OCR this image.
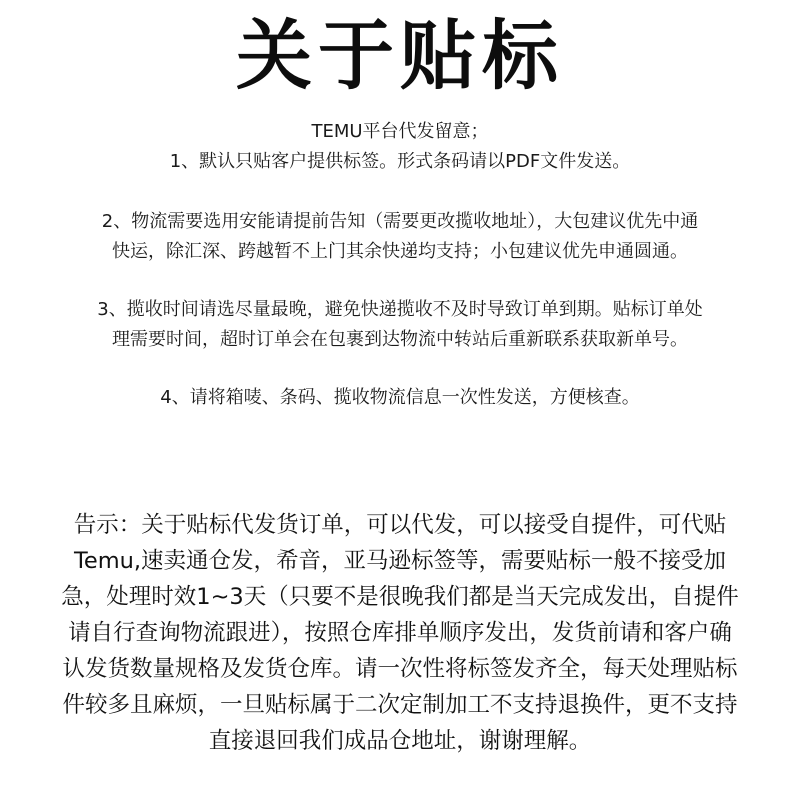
关于贴标
TEMU平台代发留意；
1、默认只贴客户提供标签。形式条码请以PDF文件发送。
2、物流需要选用安能请提前告知（需要更改揽收地址），大包建议优先中通
快运，除汇深、跨越暂不上门其余快递均支持；小包建议优先申通圆通。
3、揽收时间请选尽量最晚，避免快递揽收不及时导致订单到期。贴标订单处
理需要时间，超时订单会在包裹到达物流中转站后重新联系获取新单号。
4、请将箱唛、条码、揽收物流信息一次性发送，方便核查。
告示：关于贴标代发货订单，可以代发，可以接受自提件，可代贴
Temu,速卖通仓发，希音，亚马逊标签等，需要贴标一般不接受加
急，处理时效1~3天（只要不是很晚我们都是当天完成发出，自提件
请自行查询物流跟进），按照仓库排单顺序发出，发货前请和客户确
认发货数量规格及发货仓库。请一次性将标签发齐全，每天处理贴标
件较多且麻烦，一旦贴标属于二次定制加工不支持退换件，更不支持
直接退回我们成品仓地址，谢谢理解。
